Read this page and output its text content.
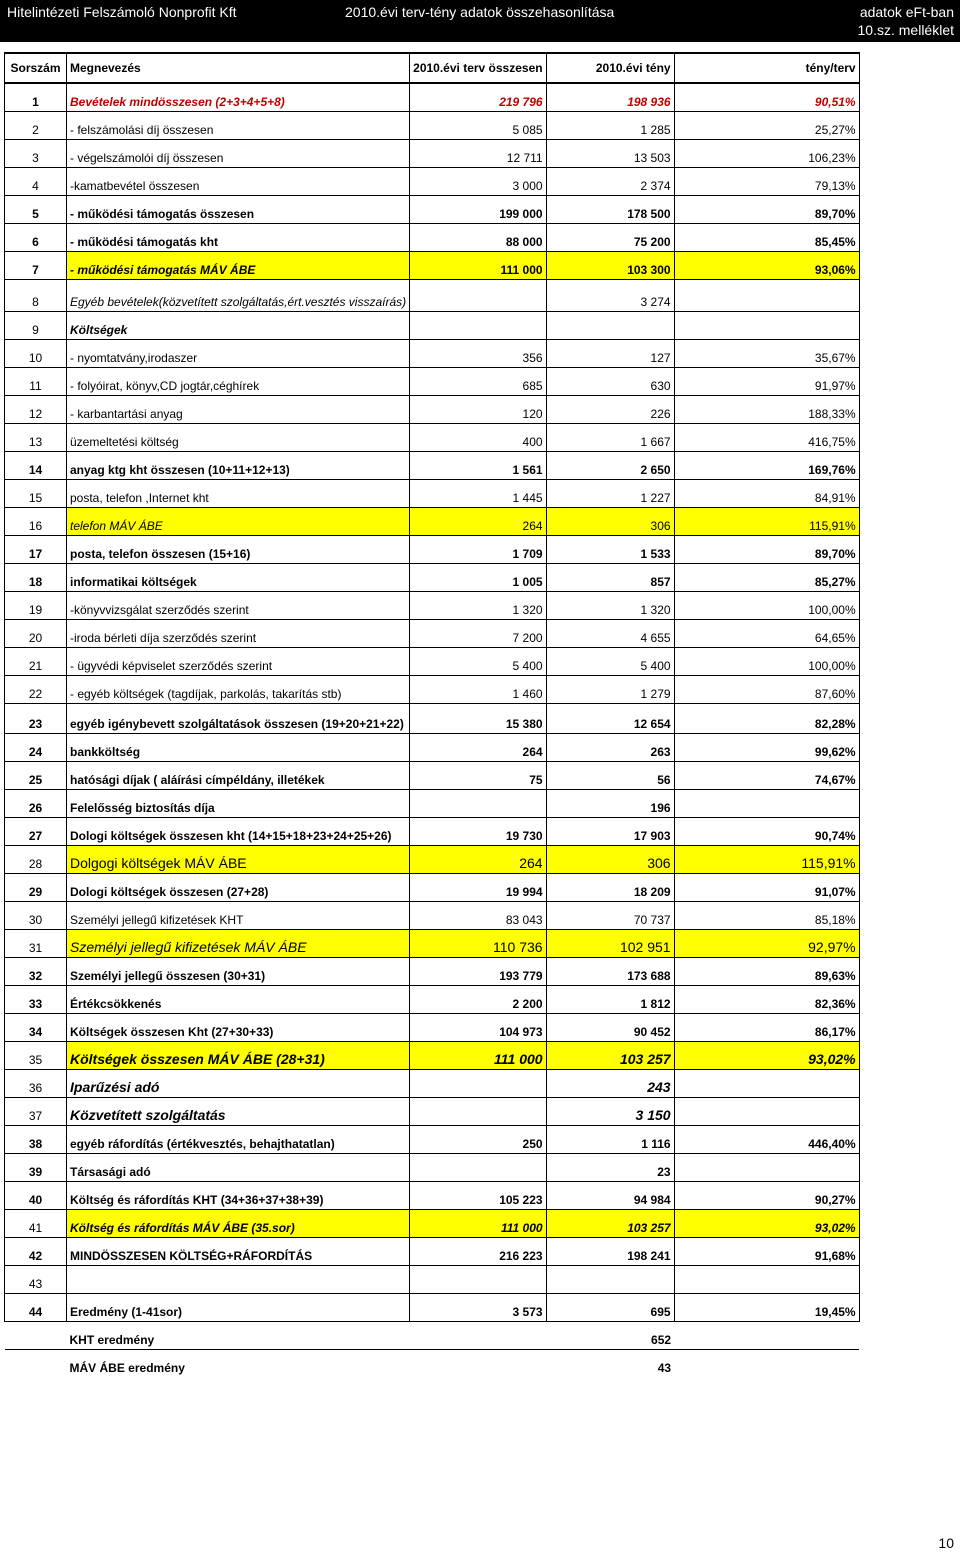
Hitelintézeti Felszámoló Nonprofit Kft	2010.évi terv-tény adatok összehasonlítása	adatok eFt-ban
10.sz. melléklet
Sorszám	Megnevezés	2010.évi terv összesen	2010.évi tény	tény/terv
1	Bevételek mindösszesen (2+3+4+5+8)	219 796	198 936	90,51%
2	- felszámolási díj összesen	5 085	1 285	25,27%
3	- végelszámolói díj összesen	12 711	13 503	106,23%
4	-kamatbevétel összesen	3 000	2 374	79,13%
5	- működési támogatás összesen	199 000	178 500	89,70%
6	- működési támogatás kht	88 000	75 200	85,45%
7	- működési támogatás MÁV ÁBE	111 000	103 300	93,06%
8	Egyéb bevételek(közvetített szolgáltatás,ért.vesztés visszaírás)		3 274	
9	Költségek			
10	- nyomtatvány,irodaszer	356	127	35,67%
11	- folyóirat, könyv,CD jogtár,céghírek	685	630	91,97%
12	- karbantartási anyag	120	226	188,33%
13	üzemeltetési költség	400	1 667	416,75%
14	anyag ktg kht összesen (10+11+12+13)	1 561	2 650	169,76%
15	posta, telefon ,Internet kht	1 445	1 227	84,91%
16	telefon MÁV ÁBE	264	306	115,91%
17	posta, telefon összesen (15+16)	1 709	1 533	89,70%
18	informatikai költségek	1 005	857	85,27%
19	-könyvvizsgálat szerződés szerint	1 320	1 320	100,00%
20	-iroda bérleti díja szerződés szerint	7 200	4 655	64,65%
21	- ügyvédi képviselet szerződés szerint	5 400	5 400	100,00%
22	- egyéb költségek (tagdíjak, parkolás, takarítás stb)	1 460	1 279	87,60%
23	egyéb igénybevett szolgáltatások összesen (19+20+21+22)	15 380	12 654	82,28%
24	bankköltség	264	263	99,62%
25	hatósági díjak ( aláírási címpéldány, illetékek	75	56	74,67%
26	Felelősség biztosítás díja		196	
27	Dologi költségek összesen kht (14+15+18+23+24+25+26)	19 730	17 903	90,74%
28	Dolgogi költségek MÁV ÁBE	264	306	115,91%
29	Dologi költségek összesen (27+28)	19 994	18 209	91,07%
30	Személyi jellegű kifizetések KHT	83 043	70 737	85,18%
31	Személyi jellegű kifizetések MÁV ÁBE	110 736	102 951	92,97%
32	Személyi jellegű összesen (30+31)	193 779	173 688	89,63%
33	Értékcsökkenés	2 200	1 812	82,36%
34	Költségek összesen Kht (27+30+33)	104 973	90 452	86,17%
35	Költségek összesen MÁV ÁBE (28+31)	111 000	103 257	93,02%
36	Iparűzési adó		243	
37	Közvetített szolgáltatás		3 150	
38	egyéb ráfordítás (értékvesztés, behajthatatlan)	250	1 116	446,40%
39	Társasági adó		23	
40	Költség és ráfordítás KHT (34+36+37+38+39)	105 223	94 984	90,27%
41	Költség és ráfordítás MÁV ÁBE (35.sor)	111 000	103 257	93,02%
42	MINDÖSSZESEN KÖLTSÉG+RÁFORDÍTÁS	216 223	198 241	91,68%
43				
44	Eredmény (1-41sor)	3 573	695	19,45%
	KHT eredmény		652	
	MÁV ÁBE eredmény		43	
10
